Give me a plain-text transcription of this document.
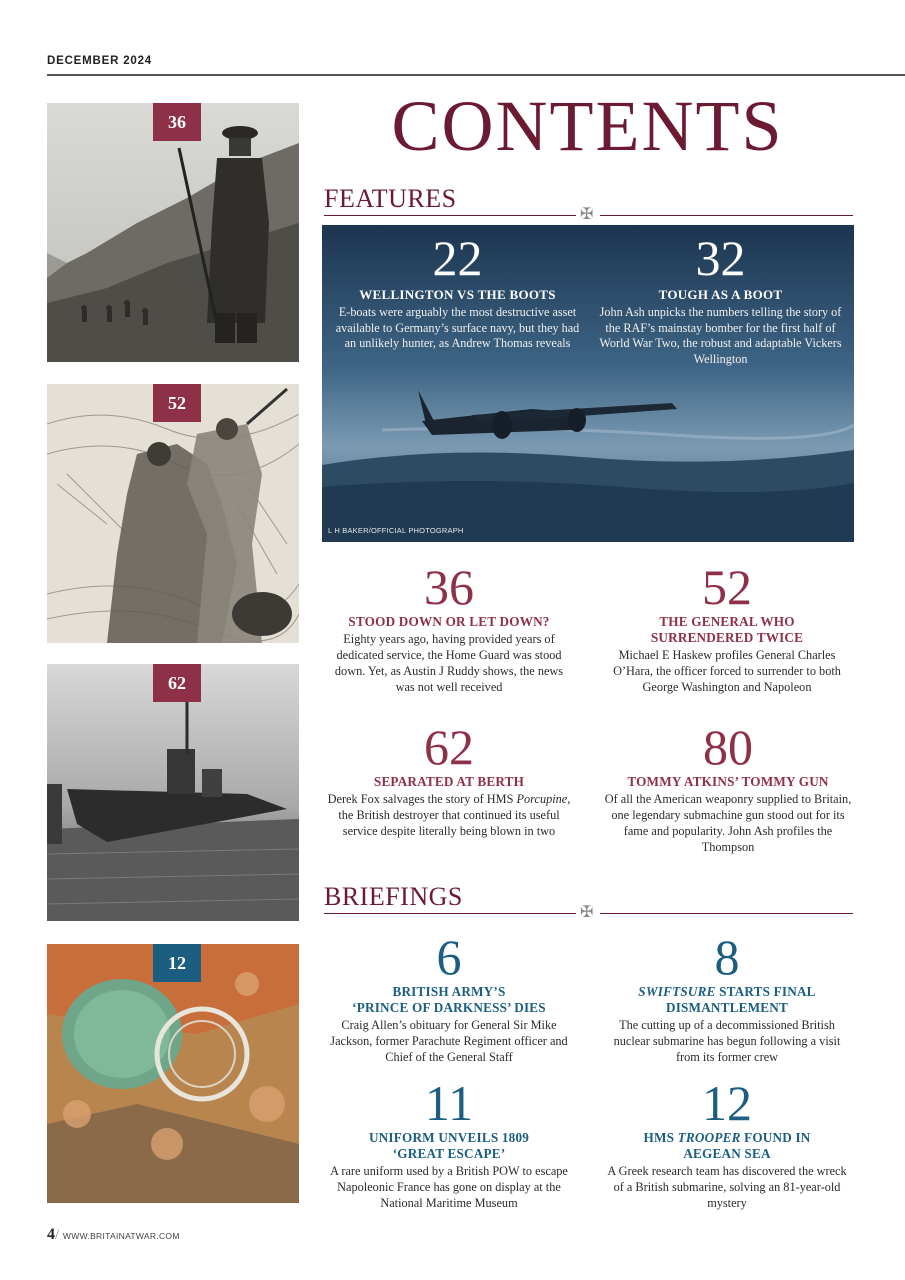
DECEMBER 2024
36
52
62
12
CONTENTS
FEATURES
✠
22
WELLINGTON VS THE BOOTS
E-boats were arguably the most destructive asset available to Germany’s surface navy, but they had an unlikely hunter, as Andrew Thomas reveals
32
TOUGH AS A BOOT
John Ash unpicks the numbers telling the story of the RAF’s mainstay bomber for the first half of World War Two, the robust and adaptable Vickers Wellington
L H BAKER/OFFICIAL PHOTOGRAPH
36
STOOD DOWN OR LET DOWN?
Eighty years ago, having provided years of dedicated service, the Home Guard was stood down. Yet, as Austin J Ruddy shows, the news was not well received
52
THE GENERAL WHO
SURRENDERED TWICE
Michael E Haskew profiles General Charles O’Hara, the officer forced to surrender to both George Washington and Napoleon
62
SEPARATED AT BERTH
Derek Fox salvages the story of HMS Porcupine, the British destroyer that continued its useful service despite literally being blown in two
80
TOMMY ATKINS’ TOMMY GUN
Of all the American weaponry supplied to Britain, one legendary submachine gun stood out for its fame and popularity. John Ash profiles the Thompson
BRIEFINGS
✠
6
BRITISH ARMY’S
‘PRINCE OF DARKNESS’ DIES
Craig Allen’s obituary for General Sir Mike Jackson, former Parachute Regiment officer and Chief of the General Staff
8
SWIFTSURE STARTS FINAL
DISMANTLEMENT
The cutting up of a decommissioned British nuclear submarine has begun following a visit from its former crew
11
UNIFORM UNVEILS 1809
‘GREAT ESCAPE’
A rare uniform used by a British POW to escape Napoleonic France has gone on display at the National Maritime Museum
12
HMS TROOPER FOUND IN
AEGEAN SEA
A Greek research team has discovered the wreck of a British submarine, solving an 81-year-old mystery
4/ WWW.BRITAINATWAR.COM
